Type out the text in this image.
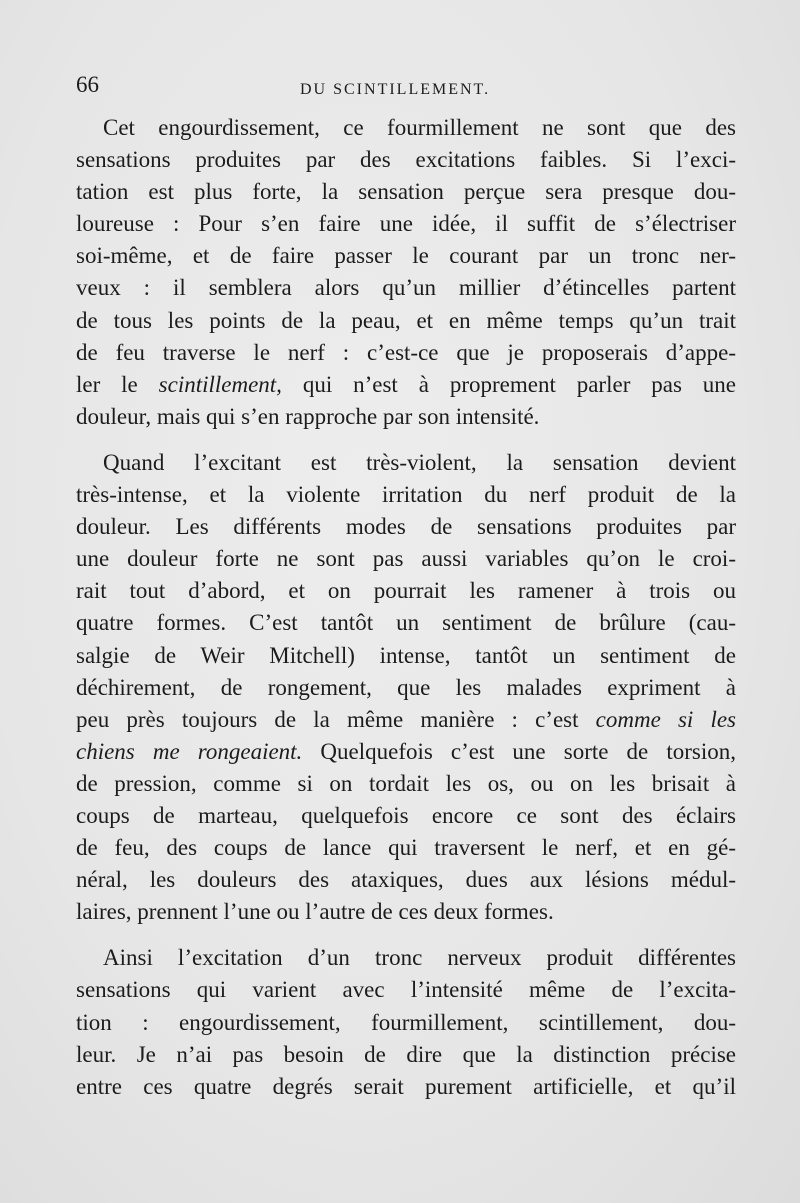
66	DU SCINTILLEMENT.
Cet engourdissement, ce fourmillement ne sont que des
sensations produites par des excitations faibles. Si l’exci-
tation est plus forte, la sensation perçue sera presque dou-
loureuse : Pour s’en faire une idée, il suffit de s’électriser
soi-même, et de faire passer le courant par un tronc ner-
veux : il semblera alors qu’un millier d’étincelles partent
de tous les points de la peau, et en même temps qu’un trait
de feu traverse le nerf : c’est-ce que je proposerais d’appe-
ler le scintillement, qui n’est à proprement parler pas une
douleur, mais qui s’en rapproche par son intensité.
Quand l’excitant est très-violent, la sensation devient
très-intense, et la violente irritation du nerf produit de la
douleur. Les différents modes de sensations produites par
une douleur forte ne sont pas aussi variables qu’on le croi-
rait tout d’abord, et on pourrait les ramener à trois ou
quatre formes. C’est tantôt un sentiment de brûlure (cau-
salgie de Weir Mitchell) intense, tantôt un sentiment de
déchirement, de rongement, que les malades expriment à
peu près toujours de la même manière : c’est comme si les
chiens me rongeaient. Quelquefois c’est une sorte de torsion,
de pression, comme si on tordait les os, ou on les brisait à
coups de marteau, quelquefois encore ce sont des éclairs
de feu, des coups de lance qui traversent le nerf, et en gé-
néral, les douleurs des ataxiques, dues aux lésions médul-
laires, prennent l’une ou l’autre de ces deux formes.
Ainsi l’excitation d’un tronc nerveux produit différentes
sensations qui varient avec l’intensité même de l’excita-
tion : engourdissement, fourmillement, scintillement, dou-
leur. Je n’ai pas besoin de dire que la distinction précise
entre ces quatre degrés serait purement artificielle, et qu’il
